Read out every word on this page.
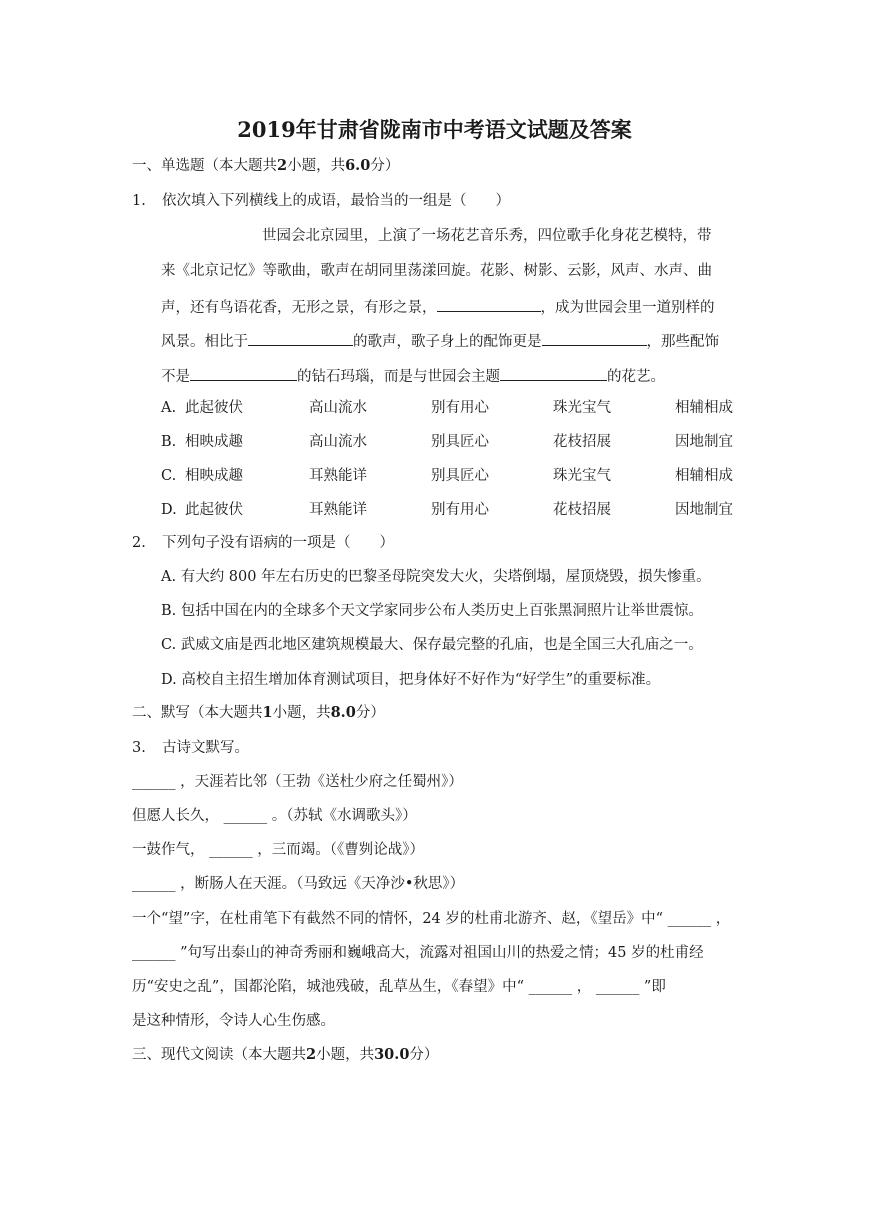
2019年甘肃省陇南市中考语文试题及答案
一、单选题（本大题共2小题，共6.0分）
1. 依次填入下列横线上的成语，最恰当的一组是（　　）
世园会北京园里，上演了一场花艺音乐秀，四位歌手化身花艺模特，带
来《北京记忆》等歌曲，歌声在胡同里荡漾回旋。花影、树影、云影，风声、水声、曲
声，还有鸟语花香，无形之景，有形之景，	，成为世园会里一道别样的
风景。相比于	的歌声，歌子身上的配饰更是	，那些配饰
不是	的钻石玛瑙，而是与世园会主题	的花艺。
A. 此起彼伏	高山流水	别有用心	珠光宝气	相辅相成
B. 相映成趣	高山流水	别具匠心	花枝招展	因地制宜
C. 相映成趣	耳熟能详	别具匠心	珠光宝气	相辅相成
D. 此起彼伏	耳熟能详	别有用心	花枝招展	因地制宜
2. 下列句子没有语病的一项是（　　）
A. 有大约 800 年左右历史的巴黎圣母院突发大火，尖塔倒塌，屋顶烧毁，损失惨重。
B. 包括中国在内的全球多个天文学家同步公布人类历史上百张黑洞照片让举世震惊。
C. 武威文庙是西北地区建筑规模最大、保存最完整的孔庙，也是全国三大孔庙之一。
D. 高校自主招生增加体育测试项目，把身体好不好作为“好学生”的重要标准。
二、默写（本大题共1小题，共8.0分）
3. 古诗文默写。
______ ，天涯若比邻（王勃《送杜少府之任蜀州》）
但愿人长久， ______ 。（苏轼《水调歌头》）
一鼓作气， ______ ，三而竭。（《曹刿论战》）
______ ，断肠人在天涯。（马致远《天净沙•秋思》）
一个“望”字，在杜甫笔下有截然不同的情怀，24 岁的杜甫北游齐、赵，《望岳》中“ ______ ，
______ ”句写出泰山的神奇秀丽和巍峨高大，流露对祖国山川的热爱之情；45 岁的杜甫经
历“安史之乱”，国都沦陷，城池残破，乱草丛生，《春望》中“ ______ ， ______ ”即
是这种情形，令诗人心生伤感。
三、现代文阅读（本大题共2小题，共30.0分）
